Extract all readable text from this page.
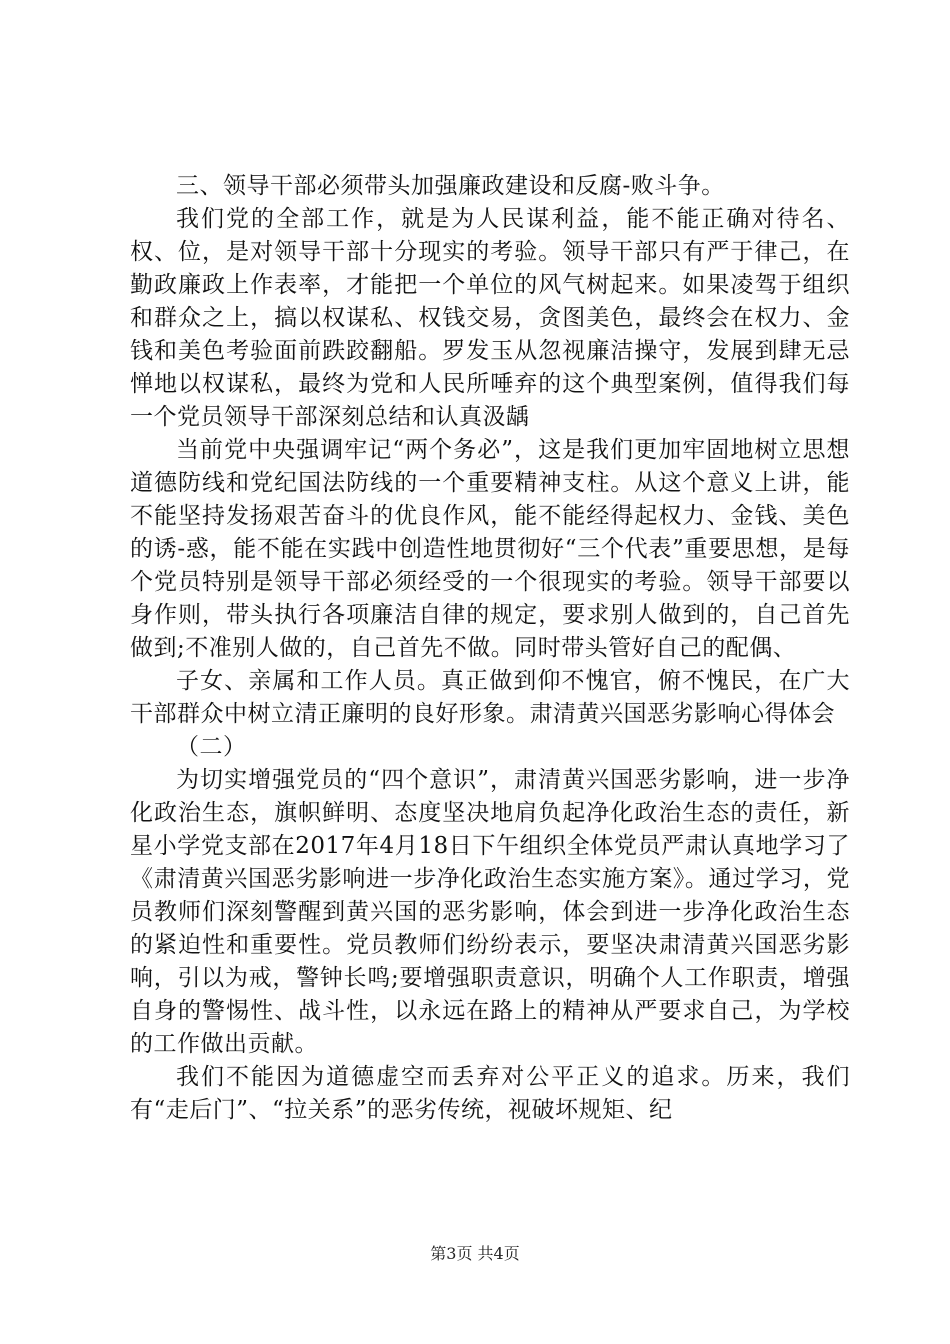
三、领导干部必须带头加强廉政建设和反腐-败斗争。

我们党的全部工作，就是为人民谋利益，能不能正确对待名、权、位，是对领导干部十分现实的考验。领导干部只有严于律己，在勤政廉政上作表率，才能把一个单位的风气树起来。如果凌驾于组织和群众之上，搞以权谋私、权钱交易，贪图美色，最终会在权力、金钱和美色考验面前跌跤翻船。罗发玉从忽视廉洁操守，发展到肆无忌惮地以权谋私，最终为党和人民所唾弃的这个典型案例，值得我们每一个党员领导干部深刻总结和认真汲龋

当前党中央强调牢记“两个务必”，这是我们更加牢固地树立思想道德防线和党纪国法防线的一个重要精神支柱。从这个意义上讲，能不能坚持发扬艰苦奋斗的优良作风，能不能经得起权力、金钱、美色的诱-惑，能不能在实践中创造性地贯彻好“三个代表”重要思想，是每个党员特别是领导干部必须经受的一个很现实的考验。领导干部要以身作则，带头执行各项廉洁自律的规定，要求别人做到的，自己首先做到;不准别人做的，自己首先不做。同时带头管好自己的配偶、

子女、亲属和工作人员。真正做到仰不愧官，俯不愧民，在广大干部群众中树立清正廉明的良好形象。肃清黄兴国恶劣影响心得体会

（二）

为切实增强党员的“四个意识”，肃清黄兴国恶劣影响，进一步净化政治生态，旗帜鲜明、态度坚决地肩负起净化政治生态的责任，新星小学党支部在2017年4月18日下午组织全体党员严肃认真地学习了《肃清黄兴国恶劣影响进一步净化政治生态实施方案》。通过学习，党员教师们深刻警醒到黄兴国的恶劣影响，体会到进一步净化政治生态的紧迫性和重要性。党员教师们纷纷表示，要坚决肃清黄兴国恶劣影响，引以为戒，警钟长鸣;要增强职责意识，明确个人工作职责，增强自身的警惕性、战斗性，以永远在路上的精神从严要求自己，为学校的工作做出贡献。

我们不能因为道德虚空而丢弃对公平正义的追求。历来，我们有“走后门”、“拉关系”的恶劣传统，视破坏规矩、纪

第3页 共4页
